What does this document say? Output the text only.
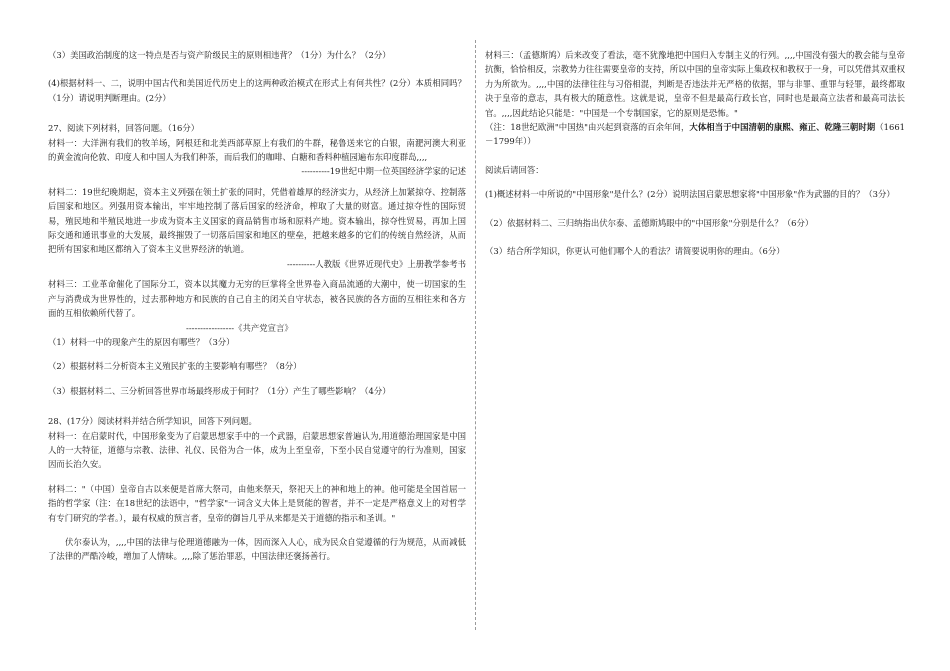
（3）美国政治制度的这一特点是否与资产阶级民主的原则相违背？（1分）为什么？（2分）

(4)根据材料一、二，说明中国古代和美国近代历史上的这两种政治模式在形式上有何共性？(2分）本质相同吗？（1分）请说明判断理由。(2分）

27、阅读下列材料，回答问题。（16分）

材料一：大洋洲有我们的牧羊场，阿根廷和北美西部草原上有我们的牛群，秘鲁送来它的白银，南淝河澳大利亚的黄金流向伦敦、印度人和中国人为我们种茶，而后我们的咖啡、白糖和香料种植园遍布东印度群岛,,,,

----------19世纪中期一位英国经济学家的记述

材料二：19世纪晚期起，资本主义列强在领土扩张的同时，凭借着雄厚的经济实力，从经济上加紧掠夺、控制落后国家和地区。列强用资本输出，牢牢地控制了落后国家的经济命，榨取了大量的财富。通过掠夺性的国际贸易，殖民地和半殖民地进一步成为资本主义国家的商品销售市场和原料产地。资本输出，掠夺性贸易，再加上国际交通和通讯事业的大发展，最终摧毁了一切落后国家和地区的壁垒，把越来越多的它们的传统自然经济，从而把所有国家和地区都纳入了资本主义世界经济的轨道。

----------人教版《世界近现代史》上册教学参考书

材料三：工业革命催化了国际分工，资本以其魔力无穷的巨掌将全世界卷入商品流通的大潮中，使一切国家的生产与消费成为世界性的，过去那种地方和民族的自己自主的闭关自守状态，被各民族的各方面的互相往来和各方面的互相依赖所代替了。

-----------------《共产党宣言》

（1）材料一中的现象产生的原因有哪些？（3分）

（2）根据材料二分析资本主义殖民扩张的主要影响有哪些？（8分）

（3）根据材料二、三分析回答世界市场最终形成于何时？（1分）产生了哪些影响？（4分）

28、(17分）阅读材料并结合所学知识，回答下列问题。

材料一：在启蒙时代，中国形象变为了启蒙思想家手中的一个武器，启蒙思想家普遍认为,用道德治理国家是中国人的一大特征，道德与宗教、法律、礼仪、民俗为合一体，成为上至皇帝，下至小民自觉遵守的行为准则，国家因而长治久安。

材料二："（中国）皇帝自古以来便是首席大祭司，由他来祭天，祭祀天上的神和地上的神。他可能是全国首屈一指的哲学家（注：在18世纪的法语中，"哲学家"一词含义大体上是贤能的智者，并不一定是严格意义上的对哲学有专门研究的学者。），最有权威的预言者，皇帝的御旨几乎从来都是关于道德的指示和圣训。"

伏尔泰认为，,,,,中国的法律与伦理道德融为一体，因而深入人心，成为民众自觉遵循的行为规范，从而减低了法律的严酷冷峻，增加了人情味。,,,,除了惩治罪恶，中国法律还褒扬善行。

材料三：（孟德斯鸠）后来改变了看法，毫不犹豫地把中国归入专制主义的行列。,,,,中国没有强大的教会能与皇帝抗衡，恰恰相反，宗教势力往往需要皇帝的支持，所以中国的皇帝实际上集政权和教权于一身，可以凭借其双重权力为所欲为。,,,,中国的法律往往与习俗相混，判断是否违法并无严格的依据，罪与非罪、重罪与轻罪，最终都取决于皇帝的意志，具有极大的随意性。这就是说，皇帝不但是最高行政长官，同时也是最高立法者和最高司法长官。,,,,因此结论只能是："中国是一个专制国家，它的原则是恐怖。"

（注：18世纪欧洲"中国热"由兴起到衰落的百余年间，大体相当于中国清朝的康熙、雍正、乾隆三朝时期（1661－1799年））

阅读后请回答：

(1)概述材料一中所说的"中国形象"是什么？(2分）说明法国启蒙思想家将"中国形象"作为武器的目的？（3分）

（2）依据材料二、三归纳指出伏尔泰、孟德斯鸠眼中的"中国形象"分别是什么？（6分）

（3）结合所学知识，你更认可他们哪个人的看法？请简要说明你的理由。（6分）
